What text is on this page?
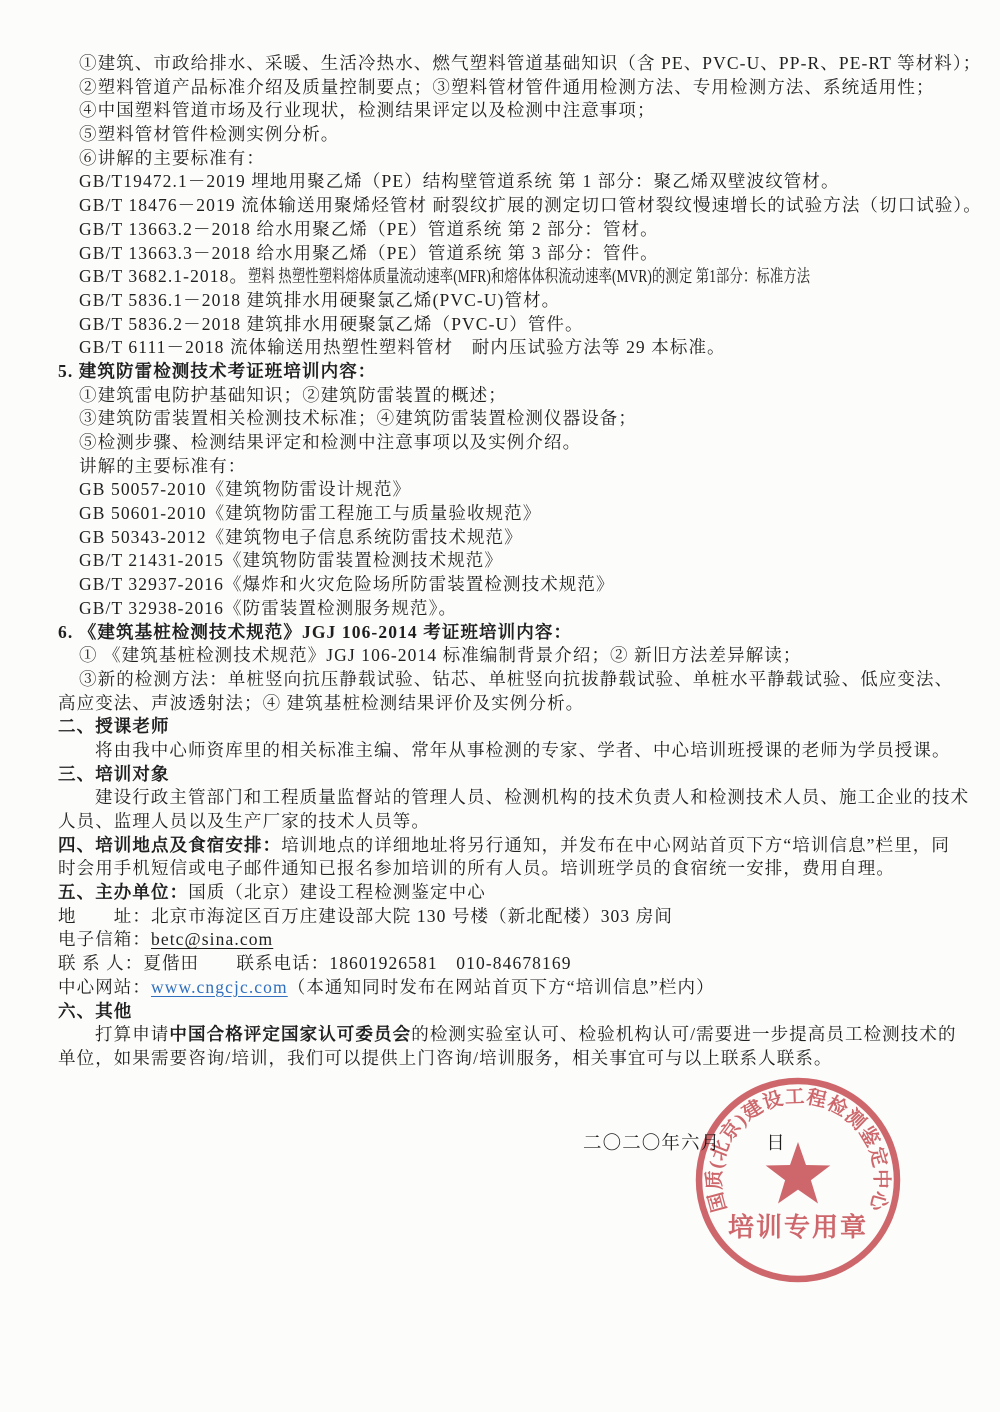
①建筑、市政给排水、采暖、生活冷热水、燃气塑料管道基础知识（含 PE、PVC-U、PP-R、PE-RT 等材料）；
②塑料管道产品标准介绍及质量控制要点；③塑料管材管件通用检测方法、专用检测方法、系统适用性；
④中国塑料管道市场及行业现状，检测结果评定以及检测中注意事项；
⑤塑料管材管件检测实例分析。
⑥讲解的主要标准有：
GB/T19472.1－2019 埋地用聚乙烯（PE）结构壁管道系统 第 1 部分：聚乙烯双壁波纹管材。
GB/T 18476－2019 流体输送用聚烯烃管材 耐裂纹扩展的测定切口管材裂纹慢速增长的试验方法（切口试验）。
GB/T 13663.2－2018 给水用聚乙烯（PE）管道系统 第 2 部分：管材。
GB/T 13663.3－2018 给水用聚乙烯（PE）管道系统 第 3 部分：管件。
GB/T 3682.1-2018。塑料 热塑性塑料熔体质量流动速率(MFR)和熔体体积流动速率(MVR)的测定 第1部分：标准方法
GB/T 5836.1－2018 建筑排水用硬聚氯乙烯(PVC-U)管材。
GB/T 5836.2－2018 建筑排水用硬聚氯乙烯（PVC-U）管件。
GB/T 6111－2018 流体输送用热塑性塑料管材　耐内压试验方法等 29 本标准。
5. 建筑防雷检测技术考证班培训内容：
①建筑雷电防护基础知识；②建筑防雷装置的概述；
③建筑防雷装置相关检测技术标准；④建筑防雷装置检测仪器设备；
⑤检测步骤、检测结果评定和检测中注意事项以及实例介绍。
讲解的主要标准有：
GB 50057-2010《建筑物防雷设计规范》
GB 50601-2010《建筑物防雷工程施工与质量验收规范》
GB 50343-2012《建筑物电子信息系统防雷技术规范》
GB/T 21431-2015《建筑物防雷装置检测技术规范》
GB/T 32937-2016《爆炸和火灾危险场所防雷装置检测技术规范》
GB/T 32938-2016《防雷装置检测服务规范》。
6. 《建筑基桩检测技术规范》JGJ 106-2014 考证班培训内容：
① 《建筑基桩检测技术规范》JGJ 106-2014 标准编制背景介绍；② 新旧方法差异解读；
③新的检测方法：单桩竖向抗压静载试验、钻芯、单桩竖向抗拔静载试验、单桩水平静载试验、低应变法、
高应变法、声波透射法；④ 建筑基桩检测结果评价及实例分析。
二、授课老师
将由我中心师资库里的相关标准主编、常年从事检测的专家、学者、中心培训班授课的老师为学员授课。
三、培训对象
建设行政主管部门和工程质量监督站的管理人员、检测机构的技术负责人和检测技术人员、施工企业的技术
人员、监理人员以及生产厂家的技术人员等。
四、培训地点及食宿安排：培训地点的详细地址将另行通知，并发布在中心网站首页下方“培训信息”栏里，同
时会用手机短信或电子邮件通知已报名参加培训的所有人员。培训班学员的食宿统一安排，费用自理。
五、主办单位：国质（北京）建设工程检测鉴定中心
地　　址：北京市海淀区百万庄建设部大院 130 号楼（新北配楼）303 房间
电子信箱：betc@sina.com
联 系 人：夏偕田　　联系电话：18601926581　010-84678169
中心网站：www.cngcjc.com（本通知同时发布在网站首页下方“培训信息”栏内）
六、其他
打算申请中国合格评定国家认可委员会的检测实验室认可、检验机构认可/需要进一步提高员工检测技术的
单位，如果需要咨询/培训，我们可以提供上门咨询/培训服务，相关事宜可与以上联系人联系。
二〇二〇年六月 日
国质(北京)建设工程检测鉴定中心
培训专用章
